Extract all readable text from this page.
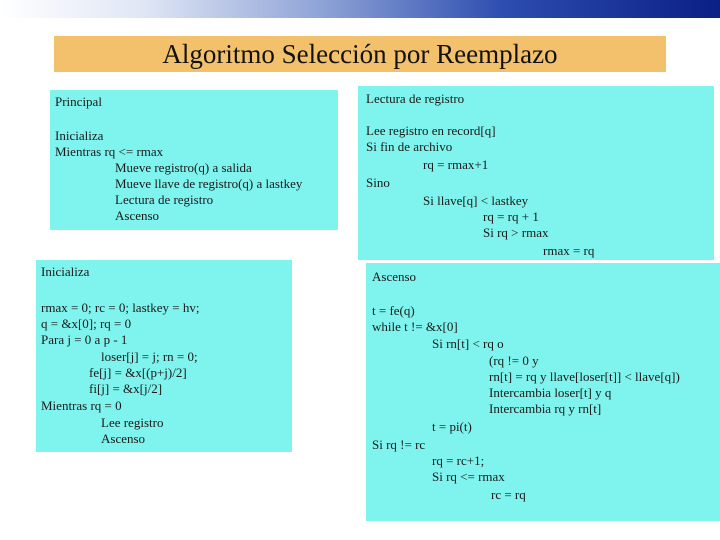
Algoritmo Selección por Reemplazo
Principal
Inicializa
Mientras rq <= rmax
Mueve registro(q) a salida
Mueve llave de registro(q) a lastkey
Lectura de registro
Ascenso
Lectura de registro
Lee registro en record[q]
Si fin de archivo
rq = rmax+1
Sino
Si llave[q] < lastkey
rq = rq + 1
Si rq > rmax
rmax = rq
Inicializa
rmax = 0; rc = 0; lastkey = hv;
q = &x[0]; rq = 0
Para j = 0 a p - 1
loser[j] = j; rn = 0;
fe[j] = &x[(p+j)/2]
fi[j] = &x[j/2]
Mientras rq = 0
Lee registro
Ascenso
Ascenso
t = fe(q)
while t != &x[0]
Si rn[t] < rq o
(rq != 0 y
rn[t] = rq y llave[loser[t]] < llave[q])
Intercambia loser[t] y q
Intercambia rq y rn[t]
t = pi(t)
Si rq != rc
rq = rc+1;
Si rq <= rmax
rc = rq
